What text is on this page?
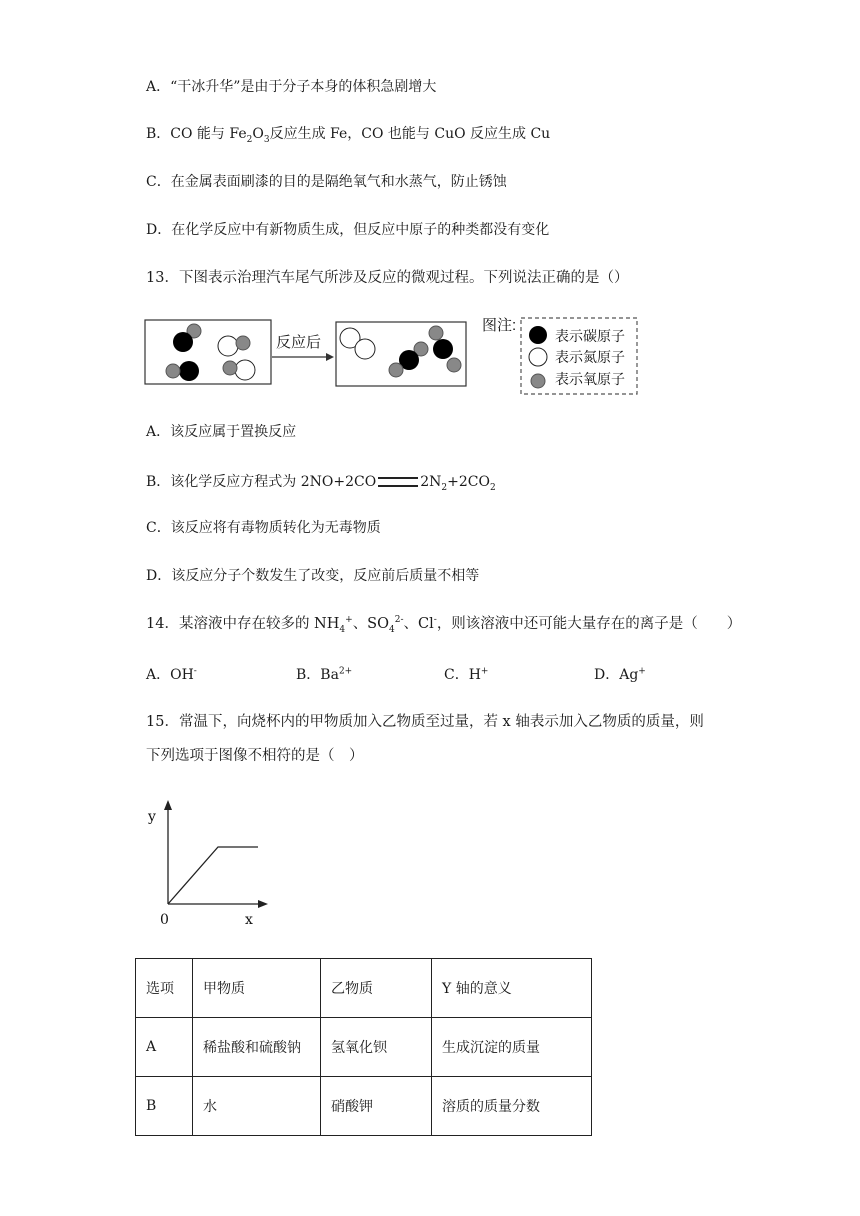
A．“干冰升华”是由于分子本身的体积急剧增大
B．CO 能与 $Fe_2O_3$反应生成 Fe，CO 也能与 CuO 反应生成 Cu
C．在金属表面刷漆的目的是隔绝氧气和水蒸气，防止锈蚀
D．在化学反应中有新物质生成，但反应中原子的种类都没有变化
13．下图表示治理汽车尾气所涉及反应的微观过程。下列说法正确的是（）
反应后
图注:
表示碳原子
表示氮原子
表示氧原子
A．该反应属于置换反应
B．该化学反应方程式为 2NO+2CO	$2N_2+2CO_2$
C．该反应将有毒物质转化为无毒物质
D．该反应分子个数发生了改变，反应前后质量不相等
14．某溶液中存在较多的 $NH_4^+$、$SO_4^{2-}$、Cl-，则该溶液中还可能大量存在的离子是（　　）
A．OH-	B．$Ba^{2+}$	C．H+	D．Ag+
15．常温下，向烧杯内的甲物质加入乙物质至过量，若 x 轴表示加入乙物质的质量，则
下列选项于图像不相符的是（　）
y
0	x
选项	甲物质	乙物质	Y 轴的意义
A	稀盐酸和硫酸钠	氢氧化钡	生成沉淀的质量
B	水	硝酸钾	溶质的质量分数
